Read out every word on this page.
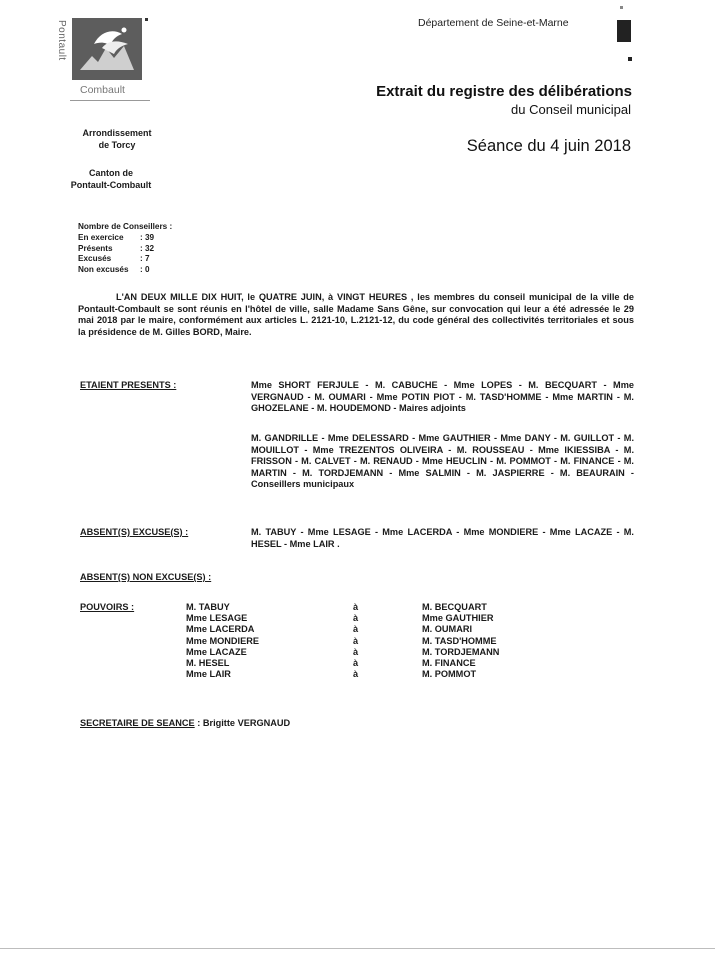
Pontault
Combault
Département de Seine-et-Marne
Extrait du registre des délibérations
du Conseil municipal
Séance du 4 juin 2018
Arrondissement
de Torcy
Canton de
Pontault-Combault
Nombre de Conseillers :
En exercice	: 39
Présents	: 32
Excusés	: 7
Non excusés	: 0
L'AN DEUX MILLE DIX HUIT, le QUATRE JUIN, à VINGT HEURES , les membres du conseil municipal de la ville de Pontault-Combault se sont réunis en l'hôtel de ville, salle Madame Sans Gêne, sur convocation qui leur a été adressée le 29 mai 2018 par le maire, conformément aux articles L. 2121-10, L.2121-12, du code général des collectivités territoriales et sous la présidence de M. Gilles BORD, Maire.
ETAIENT PRESENTS :	Mme SHORT FERJULE - M. CABUCHE - Mme LOPES - M. BECQUART - Mme VERGNAUD - M. OUMARI - Mme POTIN PIOT - M. TASD'HOMME - Mme MARTIN - M. GHOZELANE - M. HOUDEMOND - Maires adjoints
M. GANDRILLE - Mme DELESSARD - Mme GAUTHIER - Mme DANY - M. GUILLOT - M. MOUILLOT - Mme TREZENTOS OLIVEIRA - M. ROUSSEAU - Mme IKIESSIBA - M. FRISSON - M. CALVET - M. RENAUD - Mme HEUCLIN - M. POMMOT - M. FINANCE - M. MARTIN - M. TORDJEMANN - Mme SALMIN - M. JASPIERRE - M. BEAURAIN - Conseillers municipaux
ABSENT(S) EXCUSE(S) :	M. TABUY - Mme LESAGE - Mme LACERDA - Mme MONDIERE - Mme LACAZE - M. HESEL - Mme LAIR .
ABSENT(S) NON EXCUSE(S) :
POUVOIRS :	M. TABUY	à	M. BECQUART
Mme LESAGE	à	Mme GAUTHIER
Mme LACERDA	à	M. OUMARI
Mme MONDIERE	à	M. TASD'HOMME
Mme LACAZE	à	M. TORDJEMANN
M. HESEL	à	M. FINANCE
Mme LAIR	à	M. POMMOT
SECRETAIRE DE SEANCE : Brigitte VERGNAUD
